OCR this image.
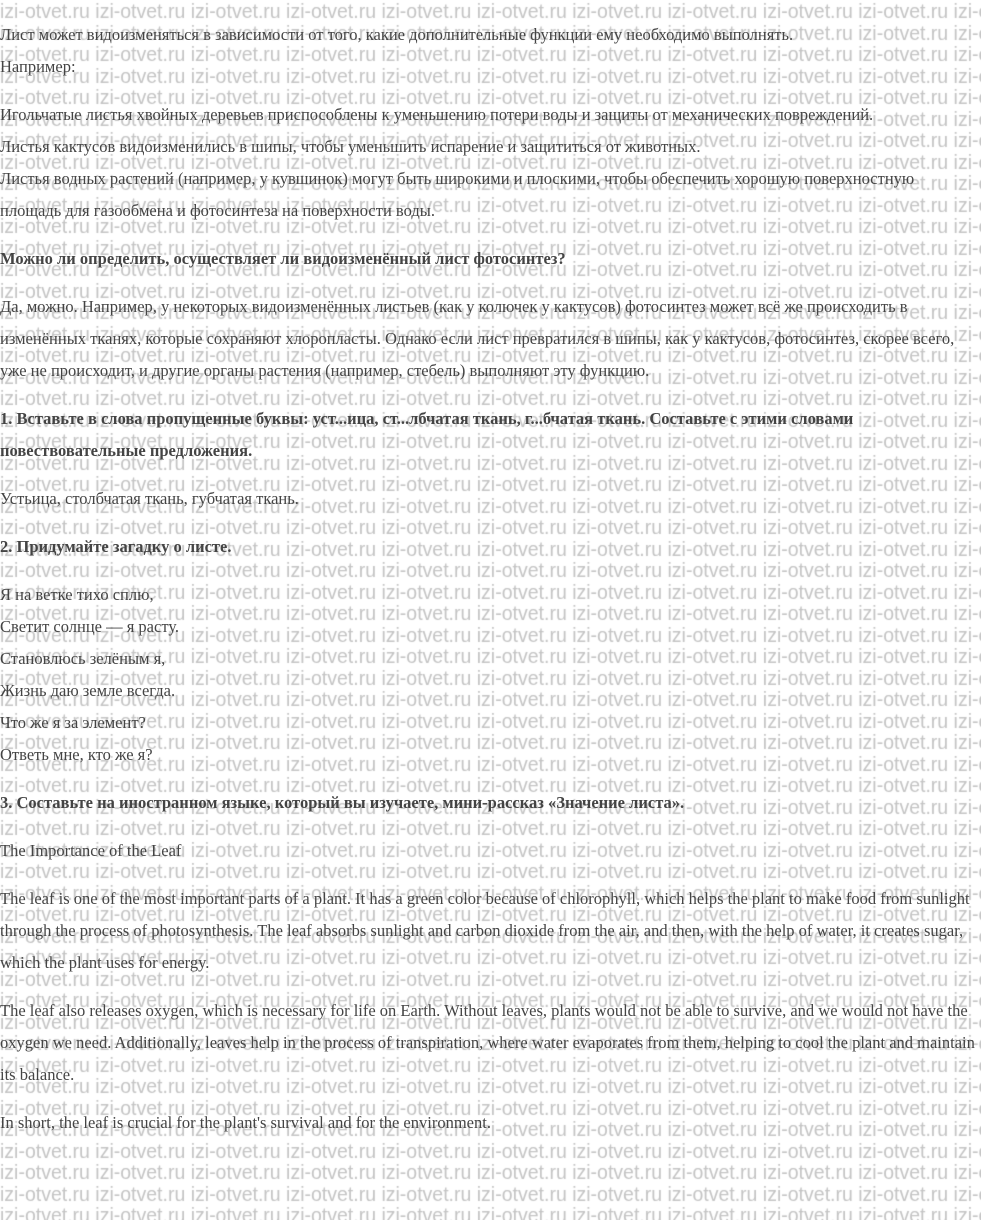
Лист может видоизменяться в зависимости от того, какие дополнительные функции ему необходимо выполнять.
Например:
Игольчатые листья хвойных деревьев приспособлены к уменьшению потери воды и защиты от механических повреждений.
Листья кактусов видоизменились в шипы, чтобы уменьшить испарение и защититься от животных.
Листья водных растений (например, у кувшинок) могут быть широкими и плоскими, чтобы обеспечить хорошую поверхностную площадь для газообмена и фотосинтеза на поверхности воды.
Можно ли определить, осуществляет ли видоизменённый лист фотосинтез?
Да, можно. Например, у некоторых видоизменённых листьев (как у колючек у кактусов) фотосинтез может всё же происходить в изменённых тканях, которые сохраняют хлоропласты. Однако если лист превратился в шипы, как у кактусов, фотосинтез, скорее всего, уже не происходит, и другие органы растения (например, стебель) выполняют эту функцию.
1. Вставьте в слова пропущенные буквы: уст...ица, ст...лбчатая ткань, г...бчатая ткань. Составьте с этими словами повествовательные предложения.
Устьица, столбчатая ткань, губчатая ткань.
2. Придумайте загадку о листе.
Я на ветке тихо сплю,
Светит солнце — я расту.
Становлюсь зелёным я,
Жизнь даю земле всегда.
Что же я за элемент?
Ответь мне, кто же я?
3. Составьте на иностранном языке, который вы изучаете, мини-рассказ «Значение листа».
The Importance of the Leaf
The leaf is one of the most important parts of a plant. It has a green color because of chlorophyll, which helps the plant to make food from sunlight through the process of photosynthesis. The leaf absorbs sunlight and carbon dioxide from the air, and then, with the help of water, it creates sugar, which the plant uses for energy.
The leaf also releases oxygen, which is necessary for life on Earth. Without leaves, plants would not be able to survive, and we would not have the oxygen we need. Additionally, leaves help in the process of transpiration, where water evaporates from them, helping to cool the plant and maintain its balance.
In short, the leaf is crucial for the plant's survival and for the environment.
